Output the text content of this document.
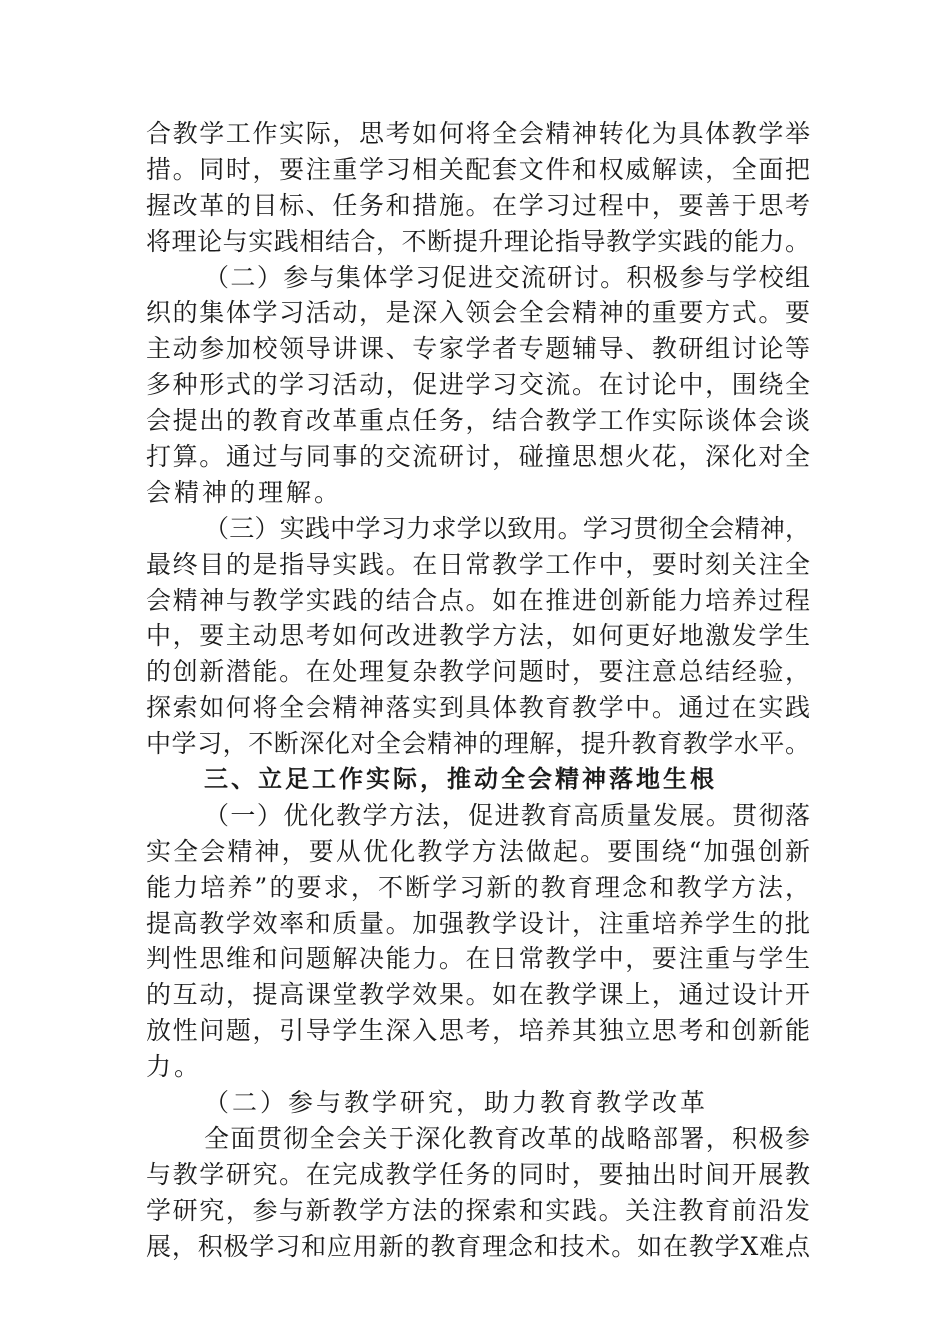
合教学工作实际，思考如何将全会精神转化为具体教学举
措。同时，要注重学习相关配套文件和权威解读，全面把
握改革的目标、任务和措施。在学习过程中，要善于思考
将理论与实践相结合，不断提升理论指导教学实践的能力。
（二）参与集体学习促进交流研讨。积极参与学校组
织的集体学习活动，是深入领会全会精神的重要方式。要
主动参加校领导讲课、专家学者专题辅导、教研组讨论等
多种形式的学习活动，促进学习交流。在讨论中，围绕全
会提出的教育改革重点任务，结合教学工作实际谈体会谈
打算。通过与同事的交流研讨，碰撞思想火花，深化对全
会精神的理解。
（三）实践中学习力求学以致用。学习贯彻全会精神，
最终目的是指导实践。在日常教学工作中，要时刻关注全
会精神与教学实践的结合点。如在推进创新能力培养过程
中，要主动思考如何改进教学方法，如何更好地激发学生
的创新潜能。在处理复杂教学问题时，要注意总结经验，
探索如何将全会精神落实到具体教育教学中。通过在实践
中学习，不断深化对全会精神的理解，提升教育教学水平。
三、立足工作实际，推动全会精神落地生根
（一）优化教学方法，促进教育高质量发展。贯彻落
实全会精神，要从优化教学方法做起。要围绕“加强创新
能力培养”的要求，不断学习新的教育理念和教学方法，
提高教学效率和质量。加强教学设计，注重培养学生的批
判性思维和问题解决能力。在日常教学中，要注重与学生
的互动，提高课堂教学效果。如在教学课上，通过设计开
放性问题，引导学生深入思考，培养其独立思考和创新能
力。
（二）参与教学研究，助力教育教学改革
全面贯彻全会关于深化教育改革的战略部署，积极参
与教学研究。在完成教学任务的同时，要抽出时间开展教
学研究，参与新教学方法的探索和实践。关注教育前沿发
展，积极学习和应用新的教育理念和技术。如在教学X难点
